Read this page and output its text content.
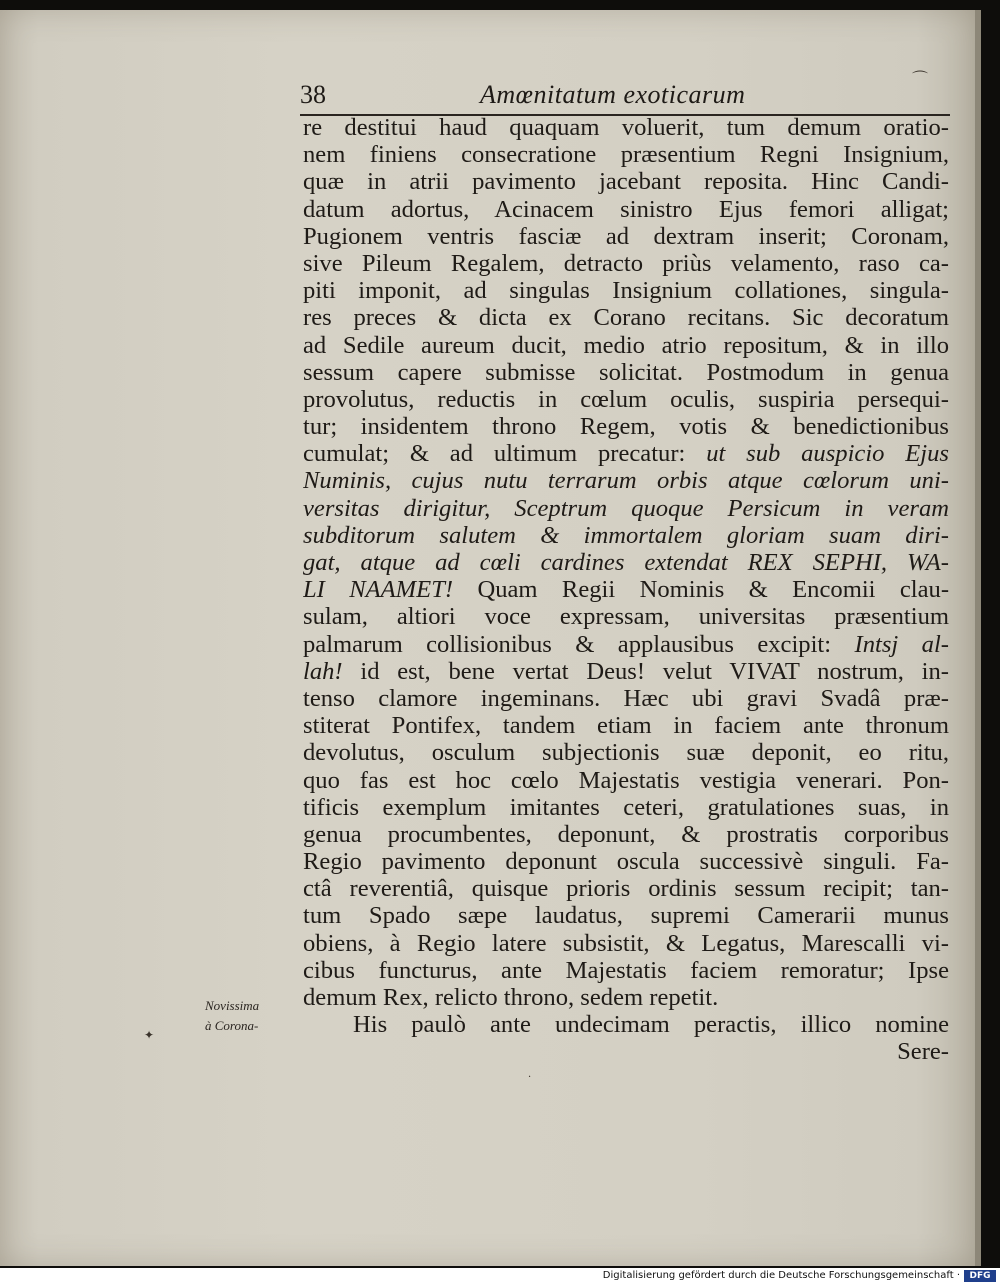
38	Amœnitatum exoticarum
re destitui haud quaquam voluerit, tum demum oratio-
nem finiens consecratione præsentium Regni Insignium,
quæ in atrii pavimento jacebant reposita. Hinc Candi-
datum adortus, Acinacem sinistro Ejus femori alligat;
Pugionem ventris fasciæ ad dextram inserit; Coronam,
sive Pileum Regalem, detracto priùs velamento, raso ca-
piti imponit, ad singulas Insignium collationes, singula-
res preces & dicta ex Corano recitans. Sic decoratum
ad Sedile aureum ducit, medio atrio repositum, & in illo
sessum capere submisse solicitat. Postmodum in genua
provolutus, reductis in cœlum oculis, suspiria persequi-
tur; insidentem throno Regem, votis & benedictionibus
cumulat; & ad ultimum precatur: ut sub auspicio Ejus
Numinis, cujus nutu terrarum orbis atque cœlorum uni-
versitas dirigitur, Sceptrum quoque Persicum in veram
subditorum salutem & immortalem gloriam suam diri-
gat, atque ad cœli cardines extendat REX SEPHI, WA-
LI NAAMET! Quam Regii Nominis & Encomii clau-
sulam, altiori voce expressam, universitas præsentium
palmarum collisionibus & applausibus excipit: Intsj al-
lah! id est, bene vertat Deus! velut VIVAT nostrum, in-
tenso clamore ingeminans. Hæc ubi gravi Svadâ præ-
stiterat Pontifex, tandem etiam in faciem ante thronum
devolutus, osculum subjectionis suæ deponit, eo ritu,
quo fas est hoc cœlo Majestatis vestigia venerari. Pon-
tificis exemplum imitantes ceteri, gratulationes suas, in
genua procumbentes, deponunt, & prostratis corporibus
Regio pavimento deponunt oscula successivè singuli. Fa-
ctâ reverentiâ, quisque prioris ordinis sessum recipit; tan-
tum Spado sæpe laudatus, supremi Camerarii munus
obiens, à Regio latere subsistit, & Legatus, Marescalli vi-
cibus functurus, ante Majestatis faciem remoratur; Ipse
demum Rex, relicto throno, sedem repetit.
His paulò ante undecimam peractis, illico nomine
Sere-
Novissima
à Corona-
⌒
✦
·
Digitalisierung gefördert durch die Deutsche Forschungsgemeinschaft ·	DFG
